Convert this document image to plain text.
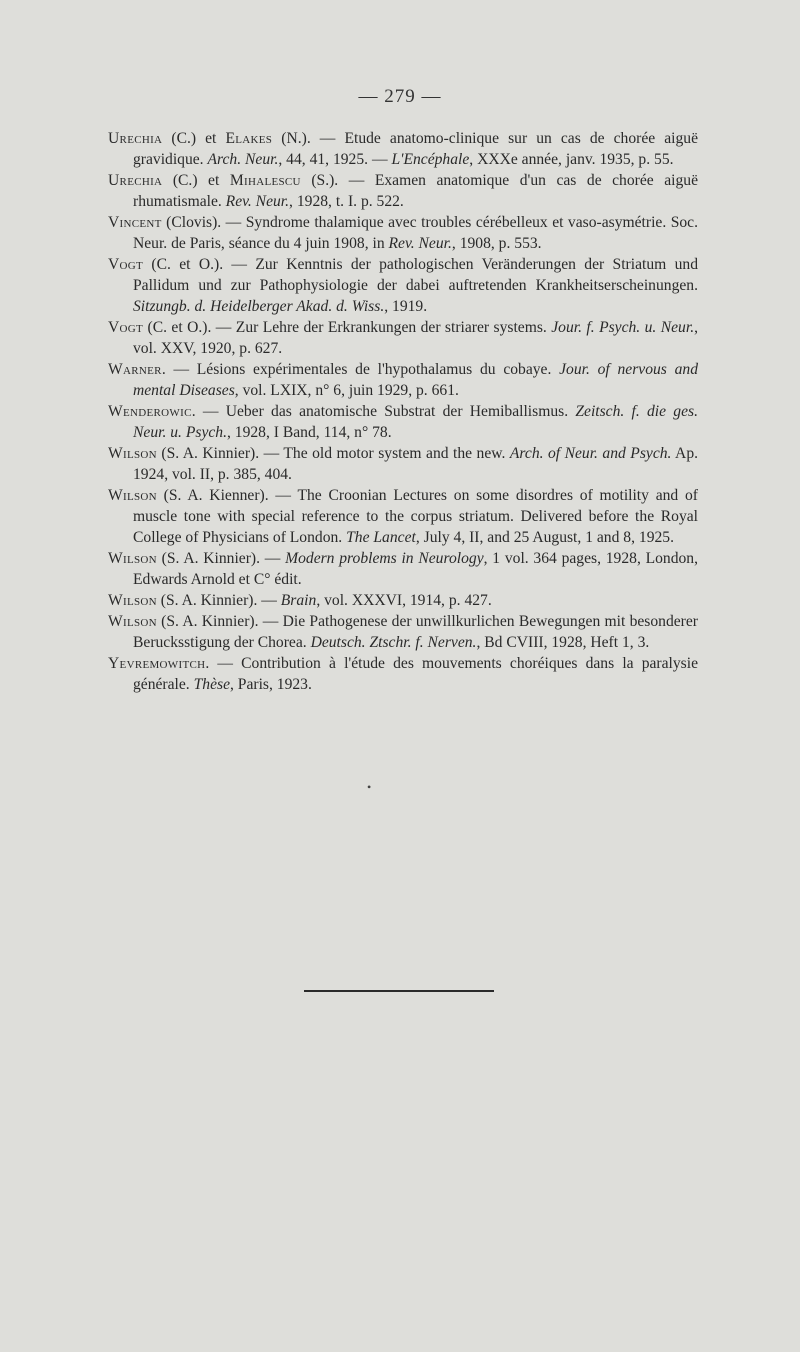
— 279 —

Urechia (C.) et Elakes (N.). — Etude anatomo-clinique sur un cas de chorée aiguë gravidique. Arch. Neur., 44, 41, 1925. — L'Encéphale, XXXe année, janv. 1935, p. 55.

Urechia (C.) et Mihalescu (S.). — Examen anatomique d'un cas de chorée aiguë rhumatismale. Rev. Neur., 1928, t. I. p. 522.

Vincent (Clovis). — Syndrome thalamique avec troubles cérébelleux et vaso-asymétrie. Soc. Neur. de Paris, séance du 4 juin 1908, in Rev. Neur., 1908, p. 553.

Vogt (C. et O.). — Zur Kenntnis der pathologischen Veränderungen der Striatum und Pallidum und zur Pathophysiologie der dabei auftretenden Krankheitserscheinungen. Sitzungb. d. Heidelberger Akad. d. Wiss., 1919.

Vogt (C. et O.). — Zur Lehre der Erkrankungen der striarer systems. Jour. f. Psych. u. Neur., vol. XXV, 1920, p. 627.

Warner. — Lésions expérimentales de l'hypothalamus du cobaye. Jour. of nervous and mental Diseases, vol. LXIX, n° 6, juin 1929, p. 661.

Wenderowic. — Ueber das anatomische Substrat der Hemiballismus. Zeitsch. f. die ges. Neur. u. Psych., 1928, I Band, 114, n° 78.

Wilson (S. A. Kinnier). — The old motor system and the new. Arch. of Neur. and Psych. Ap. 1924, vol. II, p. 385, 404.

Wilson (S. A. Kienner). — The Croonian Lectures on some disordres of motility and of muscle tone with special reference to the corpus striatum. Delivered before the Royal College of Physicians of London. The Lancet, July 4, II, and 25 August, 1 and 8, 1925.

Wilson (S. A. Kinnier). — Modern problems in Neurology, 1 vol. 364 pages, 1928, London, Edwards Arnold et C° édit.

Wilson (S. A. Kinnier). — Brain, vol. XXXVI, 1914, p. 427.

Wilson (S. A. Kinnier). — Die Pathogenese der unwillkurlichen Bewegungen mit besonderer Berucksstigung der Chorea. Deutsch. Ztschr. f. Nerven., Bd CVIII, 1928, Heft 1, 3.

Yevremowitch. — Contribution à l'étude des mouvements choréiques dans la paralysie générale. Thèse, Paris, 1923.

•
